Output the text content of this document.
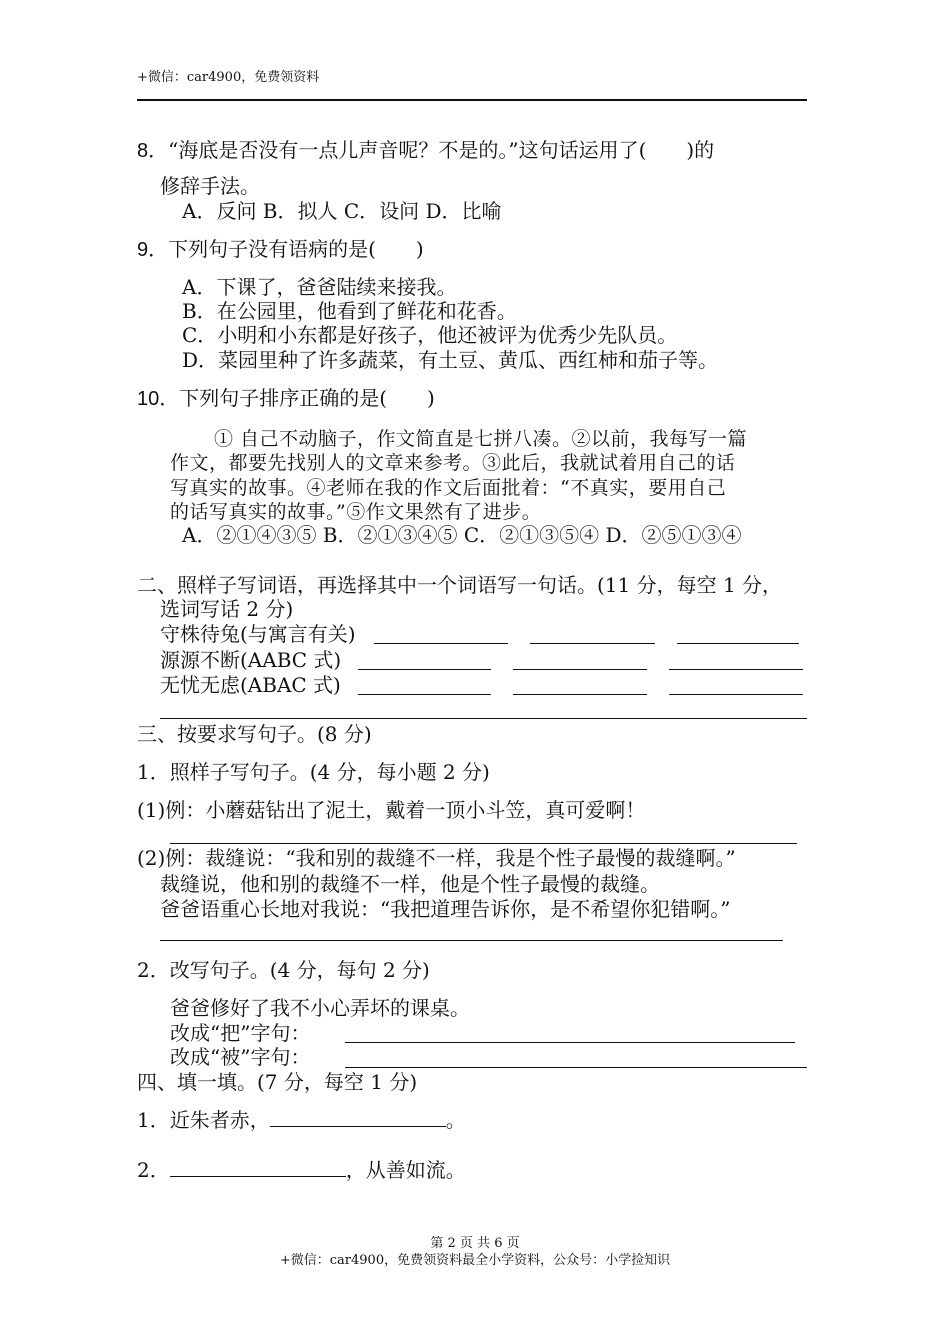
+微信：car4900，免费领资料
8．“海底是否没有一点儿声音呢？不是的。”这句话运用了(　　)的
修辞手法。
A．反问 B．拟人 C．设问 D．比喻
9．下列句子没有语病的是(　　)
A．下课了，爸爸陆续来接我。
B．在公园里，他看到了鲜花和花香。
C．小明和小东都是好孩子，他还被评为优秀少先队员。
D．菜园里种了许多蔬菜，有土豆、黄瓜、西红柿和茄子等。
10．下列句子排序正确的是(　　)
① 自己不动脑子，作文简直是七拼八凑。②以前，我每写一篇
作文，都要先找别人的文章来参考。③此后，我就试着用自己的话
写真实的故事。④老师在我的作文后面批着：“不真实，要用自己
的话写真实的故事。”⑤作文果然有了进步。
A．②①④③⑤ B．②①③④⑤ C．②①③⑤④ D．②⑤①③④
二、照样子写词语，再选择其中一个词语写一句话。(11 分，每空 1 分，
选词写话 2 分)
守株待兔(与寓言有关)
源源不断(AABC 式)
无忧无虑(ABAC 式)
三、按要求写句子。(8 分)
1．照样子写句子。(4 分，每小题 2 分)
(1)例：小蘑菇钻出了泥土，戴着一顶小斗笠，真可爱啊！
(2)例：裁缝说：“我和别的裁缝不一样，我是个性子最慢的裁缝啊。”
裁缝说，他和别的裁缝不一样，他是个性子最慢的裁缝。
爸爸语重心长地对我说：“我把道理告诉你，是不希望你犯错啊。”
2．改写句子。(4 分，每句 2 分)
爸爸修好了我不小心弄坏的课桌。
改成“把”字句：
改成“被”字句：
四、填一填。(7 分，每空 1 分)
1．近朱者赤，	。
2．	，从善如流。
第 2 页 共 6 页
+微信：car4900，免费领资料最全小学资料，公众号：小学捡知识
